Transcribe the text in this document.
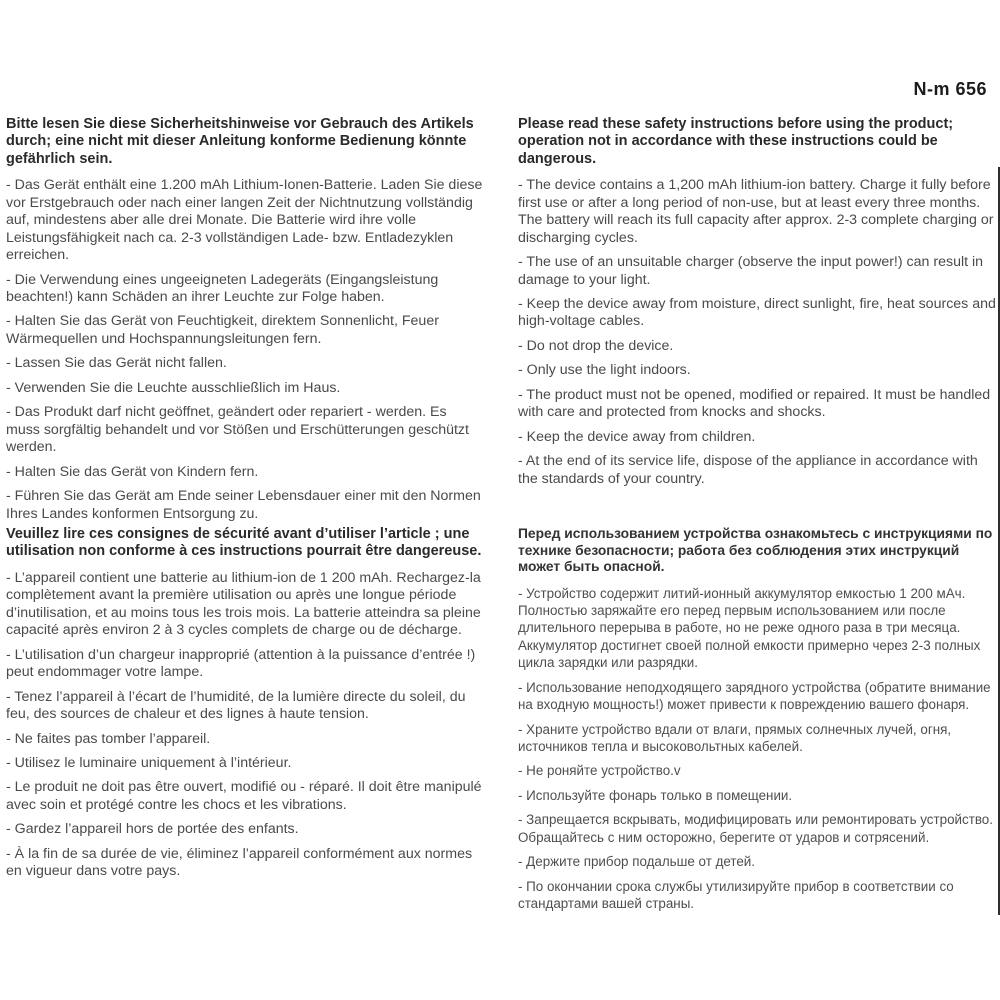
N-m 656
Bitte lesen Sie diese Sicherheitshinweise vor Gebrauch des Artikels durch; eine nicht mit dieser Anleitung konforme Bedienung könnte gefährlich sein.

- Das Gerät enthält eine 1.200 mAh Lithium-Ionen-Batterie. Laden Sie diese vor Erstgebrauch oder nach einer langen Zeit der Nichtnutzung vollständig auf, mindestens aber alle drei Monate. Die Batterie wird ihre volle Leistungsfähigkeit nach ca. 2-3 vollständigen Lade- bzw. Entladezyklen erreichen.

- Die Verwendung eines ungeeigneten Ladegeräts (Eingangsleistung beachten!) kann Schäden an ihrer Leuchte zur Folge haben.

- Halten Sie das Gerät von Feuchtigkeit, direktem Sonnenlicht, Feuer Wärmequellen und Hochspannungsleitungen fern.

- Lassen Sie das Gerät nicht fallen.

- Verwenden Sie die Leuchte ausschließlich im Haus.

- Das Produkt darf nicht geöffnet, geändert oder repariert - werden. Es muss sorgfältig behandelt und vor Stößen und Erschütterungen geschützt werden.

- Halten Sie das Gerät von Kindern fern.

- Führen Sie das Gerät am Ende seiner Lebensdauer einer mit den Normen Ihres Landes konformen Entsorgung zu.

Please read these safety instructions before using the product; operation not in accordance with these instructions could be dangerous.

- The device contains a 1,200 mAh lithium-ion battery. Charge it fully before first use or after a long period of non-use, but at least every three months. The battery will reach its full capacity after approx. 2-3 complete charging or discharging cycles.

- The use of an unsuitable charger (observe the input power!) can result in damage to your light.

- Keep the device away from moisture, direct sunlight, fire, heat sources and high-voltage cables.

- Do not drop the device.

- Only use the light indoors.

- The product must not be opened, modified or repaired. It must be handled with care and protected from knocks and shocks.

- Keep the device away from children.

- At the end of its service life, dispose of the appliance in accordance with the standards of your country.

Veuillez lire ces consignes de sécurité avant d’utiliser l’article ; une utilisation non conforme à ces instructions pourrait être dangereuse.

- L’appareil contient une batterie au lithium-ion de 1 200 mAh. Rechargez-la complètement avant la première utilisation ou après une longue période d’inutilisation, et au moins tous les trois mois. La batterie atteindra sa pleine capacité après environ 2 à 3 cycles complets de charge ou de décharge.

- L’utilisation d’un chargeur inapproprié (attention à la puissance d’entrée !) peut endommager votre lampe.

- Tenez l’appareil à l’écart de l’humidité, de la lumière directe du soleil, du feu, des sources de chaleur et des lignes à haute tension.

- Ne faites pas tomber l’appareil.

- Utilisez le luminaire uniquement à l’intérieur.

- Le produit ne doit pas être ouvert, modifié ou - réparé. Il doit être manipulé avec soin et protégé contre les chocs et les vibrations.

- Gardez l’appareil hors de portée des enfants.

- À la fin de sa durée de vie, éliminez l’appareil conformément aux normes en vigueur dans votre pays.

Перед использованием устройства ознакомьтесь с инструкциями по технике безопасности; работа без соблюдения этих инструкций может быть опасной.

- Устройство содержит литий-ионный аккумулятор емкостью 1 200 мАч. Полностью заряжайте его перед первым использованием или после длительного перерыва в работе, но не реже одного раза в три месяца. Аккумулятор достигнет своей полной емкости примерно через 2-3 полных цикла зарядки или разрядки.

- Использование неподходящего зарядного устройства (обратите внимание на входную мощность!) может привести к повреждению вашего фонаря.

- Храните устройство вдали от влаги, прямых солнечных лучей, огня, источников тепла и высоковольтных кабелей.

- Не роняйте устройство.v

- Используйте фонарь только в помещении.

- Запрещается вскрывать, модифицировать или ремонтировать устройство. Обращайтесь с ним осторожно, берегите от ударов и сотрясений.

- Держите прибор подальше от детей.

- По окончании срока службы утилизируйте прибор в соответствии со стандартами вашей страны.
